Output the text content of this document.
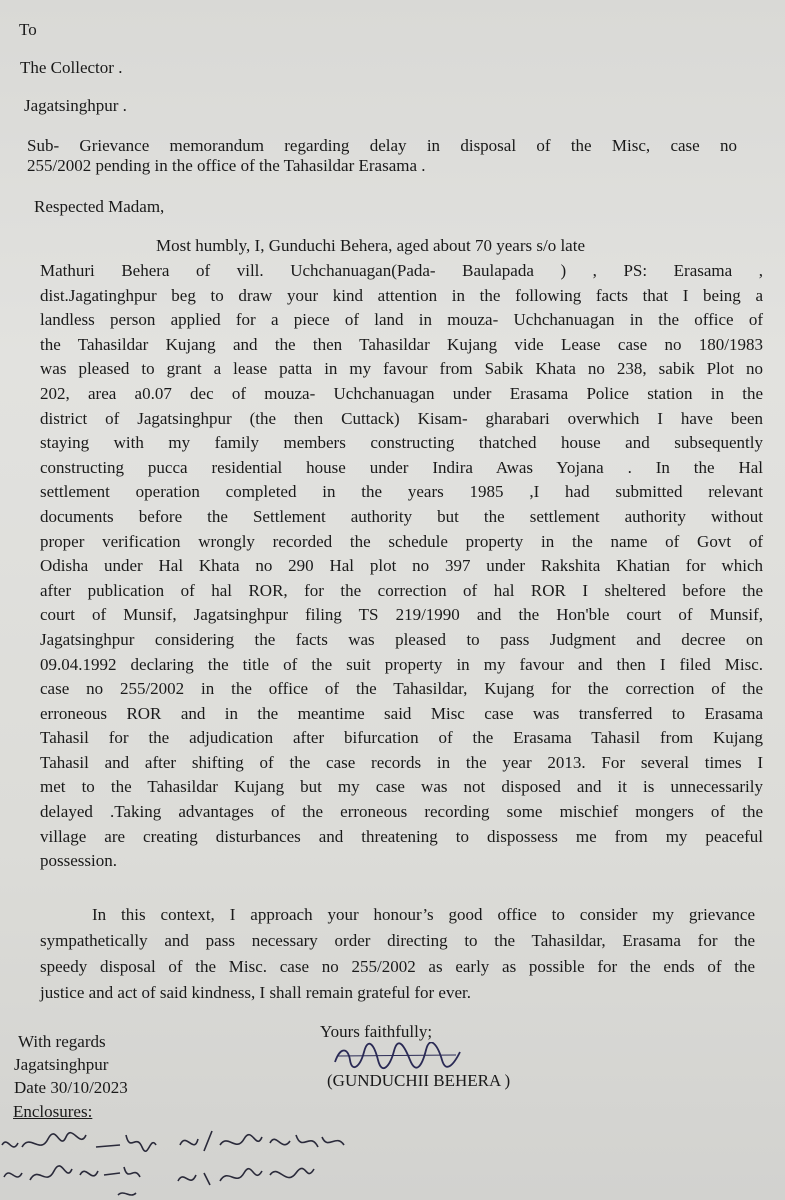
To
The Collector .
Jagatsinghpur .
Sub- Grievance memorandum regarding delay in disposal of the Misc, case no
255/2002 pending in the office of the Tahasildar Erasama .
Respected Madam,
Most humbly, I, Gunduchi Behera, aged about 70 years s/o late
Mathuri Behera of vill. Uchchanuagan(Pada- Baulapada ) , PS: Erasama ,
dist.Jagatinghpur beg to draw your kind attention in the following facts that I being a
landless person applied for a piece of land in mouza- Uchchanuagan in the office of
the Tahasildar Kujang and the then Tahasildar Kujang vide Lease case no 180/1983
was pleased to grant a lease patta in my favour from Sabik Khata no 238, sabik Plot no
202, area a0.07 dec of mouza- Uchchanuagan under Erasama Police station in the
district of Jagatsinghpur (the then Cuttack) Kisam- gharabari overwhich I have been
staying with my family members constructing thatched house and subsequently
constructing pucca residential house under Indira Awas Yojana . In the Hal
settlement operation completed in the years 1985 ,I had submitted relevant
documents before the Settlement authority but the settlement authority without
proper verification wrongly recorded the schedule property in the name of Govt of
Odisha under Hal Khata no 290 Hal plot no 397 under Rakshita Khatian for which
after publication of hal ROR, for the correction of hal ROR I sheltered before the
court of Munsif, Jagatsinghpur filing TS 219/1990 and the Hon'ble court of Munsif,
Jagatsinghpur considering the facts was pleased to pass Judgment and decree on
09.04.1992 declaring the title of the suit property in my favour and then I filed Misc.
case no 255/2002 in the office of the Tahasildar, Kujang for the correction of the
erroneous ROR and in the meantime said Misc case was transferred to Erasama
Tahasil for the adjudication after bifurcation of the Erasama Tahasil from Kujang
Tahasil and after shifting of the case records in the year 2013. For several times I
met to the Tahasildar Kujang but my case was not disposed and it is unnecessarily
delayed .Taking advantages of the erroneous recording some mischief mongers of the
village are creating disturbances and threatening to dispossess me from my peaceful
possession.
In this context, I approach your honour’s good office to consider my grievance
sympathetically and pass necessary order directing to the Tahasildar, Erasama for the
speedy disposal of the Misc. case no 255/2002 as early as possible for the ends of the
justice and act of said kindness, I shall remain grateful for ever.
Yours faithfully;
With regards
Jagatsinghpur
Date 30/10/2023	(GUNDUCHII BEHERA )
Enclosures:
